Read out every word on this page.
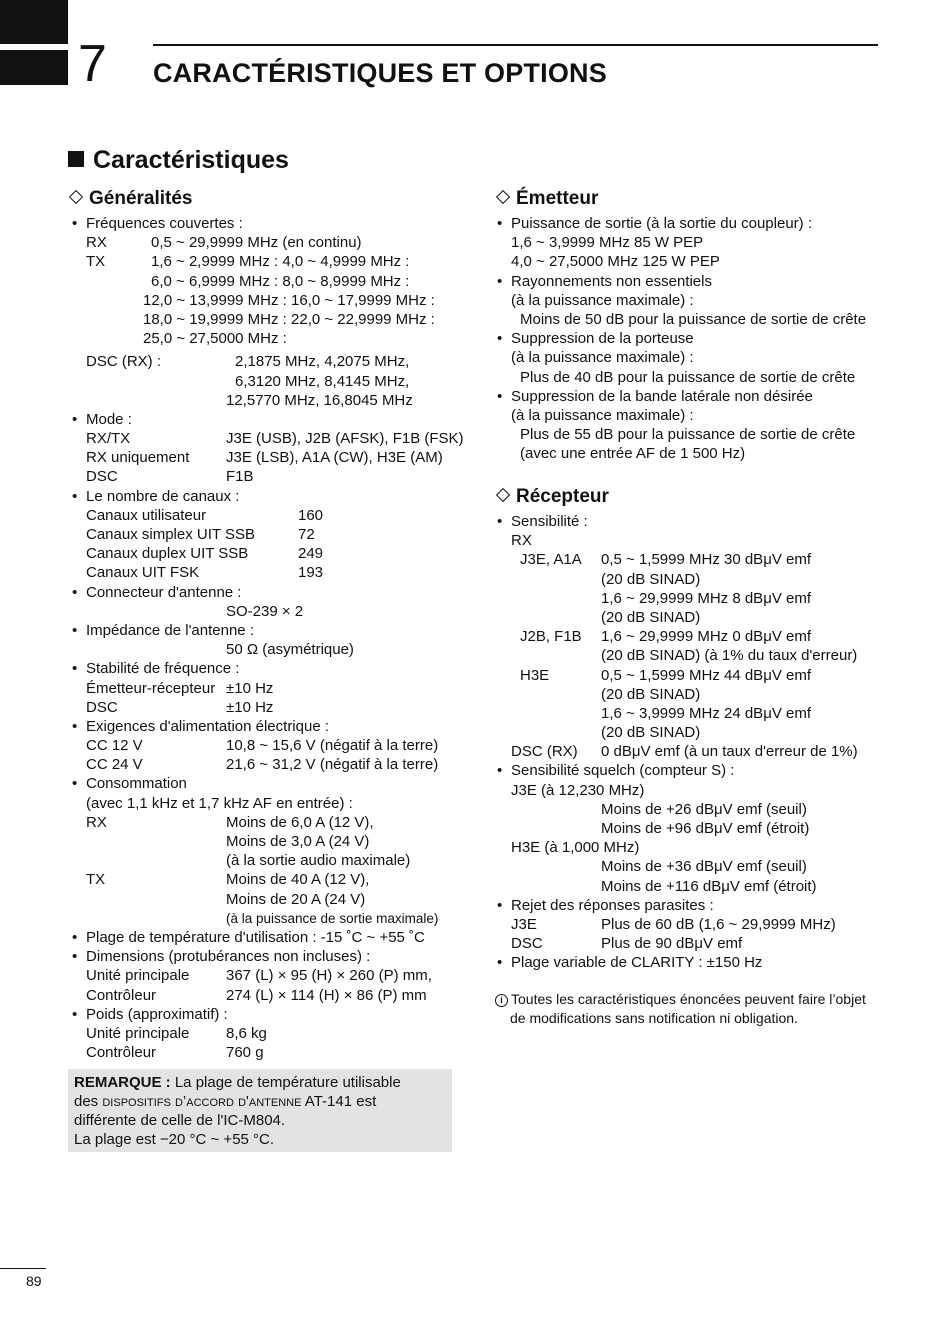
7 CARACTÉRISTIQUES ET OPTIONS
Caractéristiques
Généralités
• Fréquences couvertes :
RX	0,5 ~ 29,9999 MHz (en continu)
TX	1,6 ~ 2,9999 MHz : 4,0 ~ 4,9999 MHz :
6,0 ~ 6,9999 MHz : 8,0 ~ 8,9999 MHz :
12,0 ~ 13,9999 MHz : 16,0 ~ 17,9999 MHz :
18,0 ~ 19,9999 MHz : 22,0 ~ 22,9999 MHz :
25,0 ~ 27,5000 MHz :
DSC (RX) :	2,1875 MHz, 4,2075 MHz,
6,3120 MHz, 8,4145 MHz,
12,5770 MHz, 16,8045 MHz
• Mode :
RX/TX	J3E (USB), J2B (AFSK), F1B (FSK)
RX uniquement J3E (LSB), A1A (CW), H3E (AM)
DSC	F1B
• Le nombre de canaux :
Canaux utilisateur	160
Canaux simplex UIT SSB	72
Canaux duplex UIT SSB	249
Canaux UIT FSK	193
• Connecteur d'antenne :
SO-239 × 2
• Impédance de l'antenne :
50 Ω (asymétrique)
• Stabilité de fréquence :
Émetteur-récepteur ±10 Hz
DSC	±10 Hz
• Exigences d'alimentation électrique :
CC 12 V	10,8 ~ 15,6 V (négatif à la terre)
CC 24 V	21,6 ~ 31,2 V (négatif à la terre)
• Consommation
(avec 1,1 kHz et 1,7 kHz AF en entrée) :
RX	Moins de 6,0 A (12 V),
Moins de 3,0 A (24 V)
(à la sortie audio maximale)
TX	Moins de 40 A (12 V),
Moins de 20 A (24 V)
(à la puissance de sortie maximale)
• Plage de température d'utilisation : -15 ˚C ~ +55 ˚C
• Dimensions (protubérances non incluses) :
Unité principale 367 (L) × 95 (H) × 260 (P) mm,
Contrôleur	274 (L) × 114 (H) × 86 (P) mm
• Poids (approximatif) :
Unité principale 8,6 kg
Contrôleur	760 g
REMARQUE : La plage de température utilisable
des dispositifs d’accord d'antenne AT-141 est
différente de celle de l'IC-M804.
La plage est −20 °C ~ +55 °C.
Émetteur
• Puissance de sortie (à la sortie du coupleur) :
1,6 ~ 3,9999 MHz 85 W PEP
4,0 ~ 27,5000 MHz 125 W PEP
• Rayonnements non essentiels
(à la puissance maximale) :
Moins de 50 dB pour la puissance de sortie de crête
• Suppression de la porteuse
(à la puissance maximale) :
Plus de 40 dB pour la puissance de sortie de crête
• Suppression de la bande latérale non désirée
(à la puissance maximale) :
Plus de 55 dB pour la puissance de sortie de crête
(avec une entrée AF de 1 500 Hz)
Récepteur
• Sensibilité :
RX
J3E, A1A 0,5 ~ 1,5999 MHz 30 dBμV emf
(20 dB SINAD)
1,6 ~ 29,9999 MHz 8 dBμV emf
(20 dB SINAD)
J2B, F1B 1,6 ~ 29,9999 MHz 0 dBμV emf
(20 dB SINAD) (à 1% du taux d'erreur)
H3E	0,5 ~ 1,5999 MHz 44 dBμV emf
(20 dB SINAD)
1,6 ~ 3,9999 MHz 24 dBμV emf
(20 dB SINAD)
DSC (RX) 0 dBμV emf (à un taux d'erreur de 1%)
• Sensibilité squelch (compteur S) :
J3E (à 12,230 MHz)
Moins de +26 dBμV emf (seuil)
Moins de +96 dBμV emf (étroit)
H3E (à 1,000 MHz)
Moins de +36 dBμV emf (seuil)
Moins de +116 dBμV emf (étroit)
• Rejet des réponses parasites :
J3E	Plus de 60 dB (1,6 ~ 29,9999 MHz)
DSC	Plus de 90 dBμV emf
• Plage variable de CLARITY : ±150 Hz
i Toutes les caractéristiques énoncées peuvent faire l’objet
de modifications sans notification ni obligation.
89
